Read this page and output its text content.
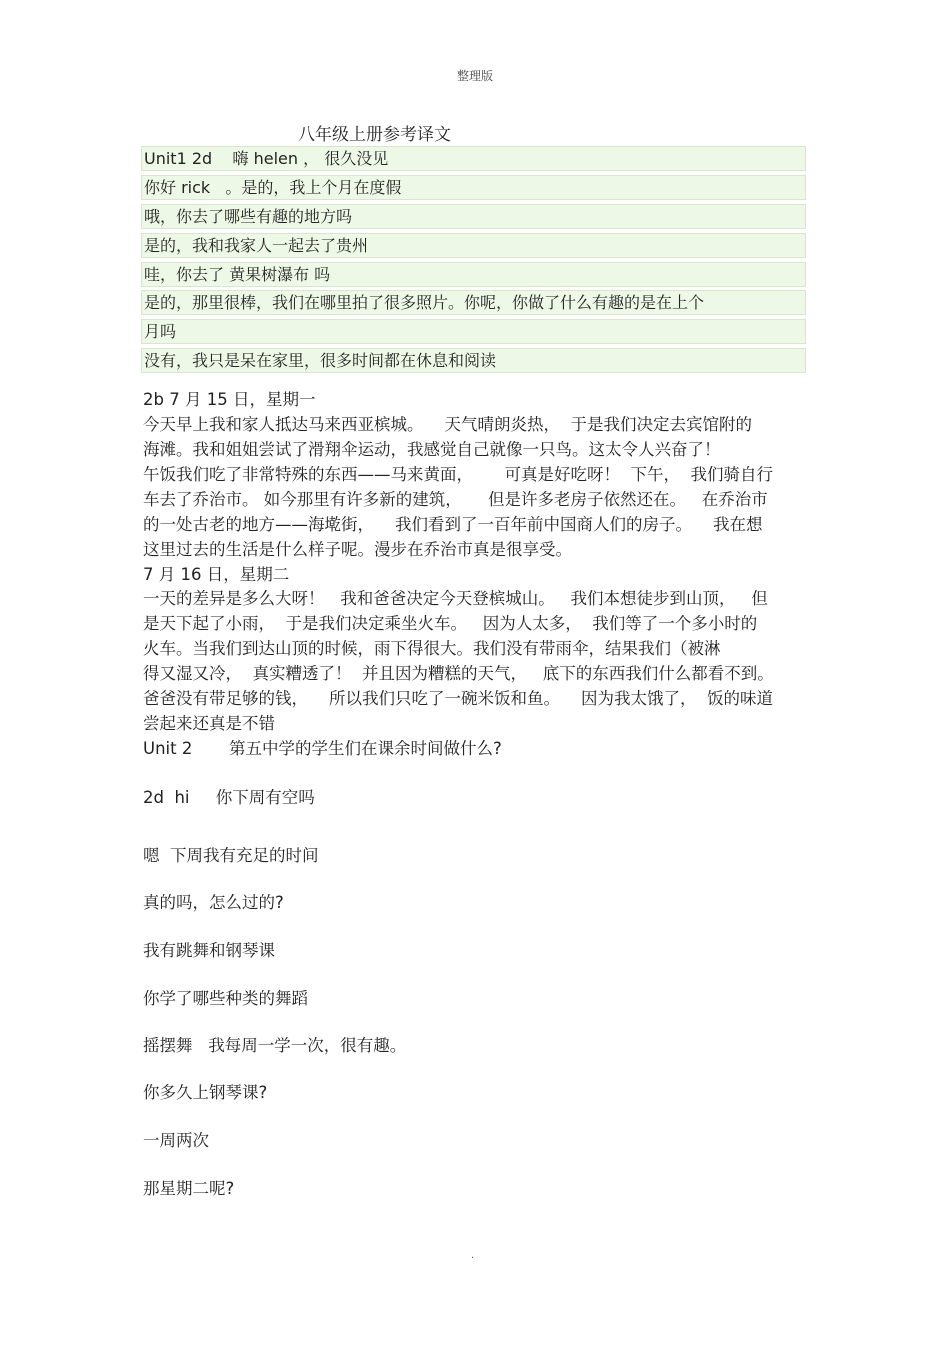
整理版
八年级上册参考译文
Unit1 2d    嗨 helen ， 很久没见
你好 rick   。是的，我上个月在度假
哦，你去了哪些有趣的地方吗
是的，我和我家人一起去了贵州
哇，你去了 黄果树瀑布 吗
是的，那里很棒，我们在哪里拍了很多照片。你呢，你做了什么有趣的是在上个
月吗
没有，我只是呆在家里，很多时间都在休息和阅读
2b 7 月 15 日，星期一
今天早上我和家人抵达马来西亚槟城。    天气晴朗炎热，  于是我们决定去宾馆附的
海滩。我和姐姐尝试了滑翔伞运动，我感觉自己就像一只鸟。这太令人兴奋了！
午饭我们吃了非常特殊的东西——马来黄面，      可真是好吃呀！  下午，  我们骑自行
车去了乔治市。 如今那里有许多新的建筑，     但是许多老房子依然还在。   在乔治市
的一处古老的地方——海墘街，    我们看到了一百年前中国商人们的房子。    我在想
这里过去的生活是什么样子呢。漫步在乔治市真是很享受。
7 月 16 日，星期二
一天的差异是多么大呀！   我和爸爸决定今天登槟城山。   我们本想徒步到山顶，   但
是天下起了小雨，  于是我们决定乘坐火车。   因为人太多，  我们等了一个多小时的
火车。当我们到达山顶的时候，雨下得很大。我们没有带雨伞，结果我们（被淋
得又湿又冷，  真实糟透了！  并且因为糟糕的天气，   底下的东西我们什么都看不到。
爸爸没有带足够的钱，    所以我们只吃了一碗米饭和鱼。    因为我太饿了，  饭的味道
尝起来还真是不错
Unit 2       第五中学的学生们在课余时间做什么?
2d  hi     你下周有空吗
嗯  下周我有充足的时间
真的吗，怎么过的?
我有跳舞和钢琴课
你学了哪些种类的舞蹈
摇摆舞   我每周一学一次，很有趣。
你多久上钢琴课?
一周两次
那星期二呢?
.
